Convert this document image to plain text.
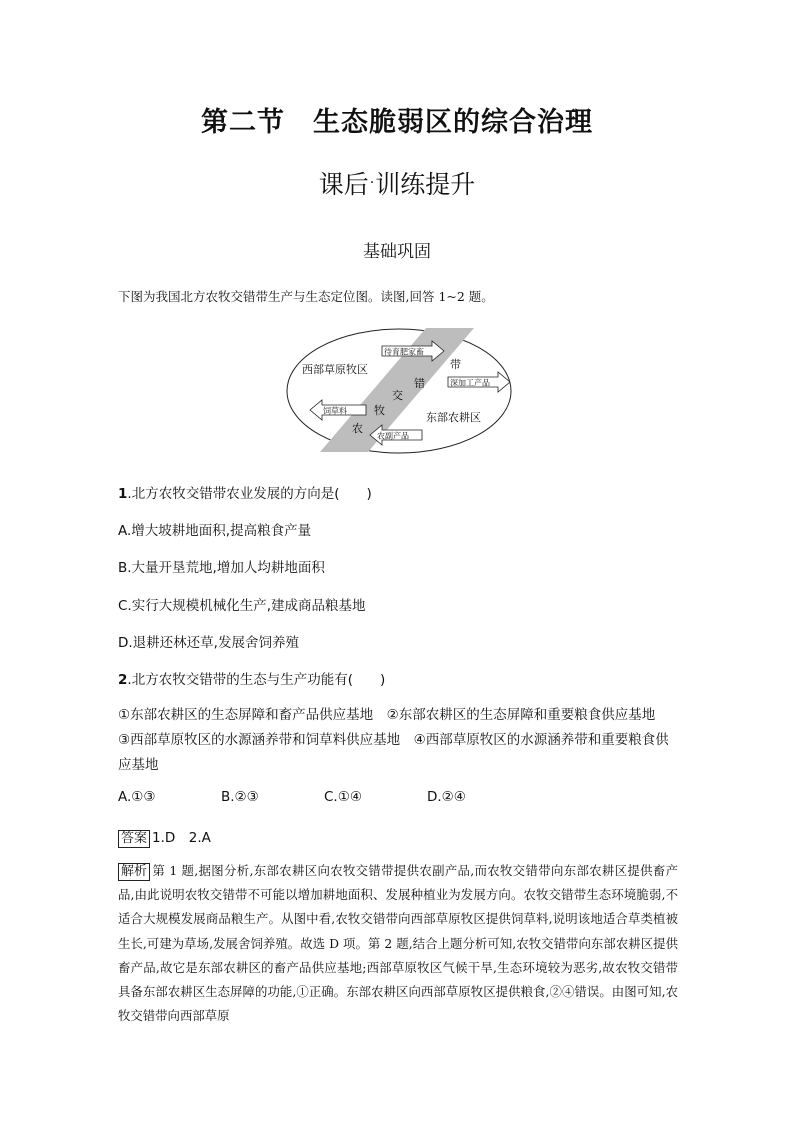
第二节　生态脆弱区的综合治理
课后·训练提升
基础巩固
下图为我国北方农牧交错带生产与生态定位图。读图,回答 1~2 题。
待育肥家畜
深加工产品
饲草料
农副产品
西部草原牧区
东部农耕区
农
牧
交
错
带
1.北方农牧交错带农业发展的方向是(　　)
A.增大坡耕地面积,提高粮食产量
B.大量开垦荒地,增加人均耕地面积
C.实行大规模机械化生产,建成商品粮基地
D.退耕还林还草,发展舍饲养殖
2.北方农牧交错带的生态与生产功能有(　　)
①东部农耕区的生态屏障和畜产品供应基地　②东部农耕区的生态屏障和重要粮食供应基地　③西部草原牧区的水源涵养带和饲草料供应基地　④西部草原牧区的水源涵养带和重要粮食供应基地
A.①③	B.②③	C.①④	D.②④
答案 1.D　2.A
解析 第 1 题,据图分析,东部农耕区向农牧交错带提供农副产品,而农牧交错带向东部农耕区提供畜产品,由此说明农牧交错带不可能以增加耕地面积、发展种植业为发展方向。农牧交错带生态环境脆弱,不适合大规模发展商品粮生产。从图中看,农牧交错带向西部草原牧区提供饲草料,说明该地适合草类植被生长,可建为草场,发展舍饲养殖。故选 D 项。第 2 题,结合上题分析可知,农牧交错带向东部农耕区提供畜产品,故它是东部农耕区的畜产品供应基地;西部草原牧区气候干旱,生态环境较为恶劣,故农牧交错带具备东部农耕区生态屏障的功能,①正确。东部农耕区向西部草原牧区提供粮食,②④错误。由图可知,农牧交错带向西部草原
